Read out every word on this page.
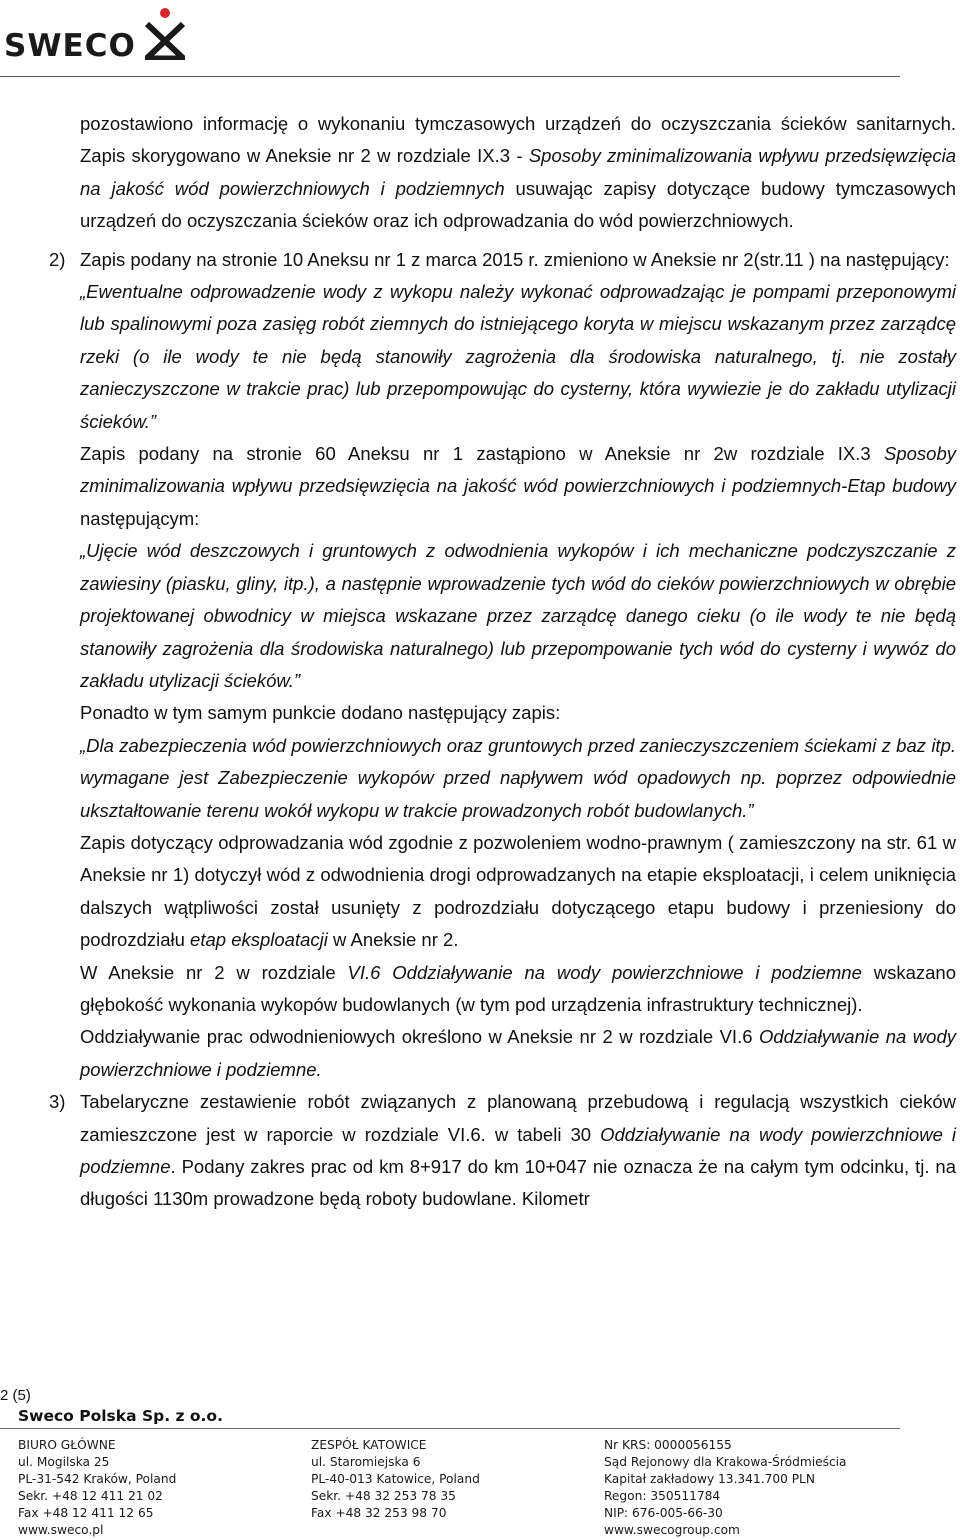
SWECO

pozostawiono informację o wykonaniu tymczasowych urządzeń do oczyszczania ścieków sanitarnych. Zapis skorygowano w Aneksie nr 2 w rozdziale IX.3 - Sposoby zminimalizowania wpływu przedsięwzięcia na jakość wód powierzchniowych i podziemnych usuwając zapisy dotyczące budowy tymczasowych urządzeń do oczyszczania ścieków oraz ich odprowadzania do wód powierzchniowych.

2) Zapis podany na stronie 10 Aneksu nr 1 z marca 2015 r. zmieniono w Aneksie nr 2(str.11 ) na następujący:

„Ewentualne odprowadzenie wody z wykopu należy wykonać odprowadzając je pompami przeponowymi lub spalinowymi poza zasięg robót ziemnych do istniejącego koryta w miejscu wskazanym przez zarządcę rzeki (o ile wody te nie będą stanowiły zagrożenia dla środowiska naturalnego, tj. nie zostały zanieczyszczone w trakcie prac) lub przepompowując do cysterny, która wywiezie je do zakładu utylizacji ścieków.”

Zapis podany na stronie 60 Aneksu nr 1 zastąpiono w Aneksie nr 2w rozdziale IX.3 Sposoby zminimalizowania wpływu przedsięwzięcia na jakość wód powierzchniowych i podziemnych-Etap budowy następującym:

„Ujęcie wód deszczowych i gruntowych z odwodnienia wykopów i ich mechaniczne podczyszczanie z zawiesiny (piasku, gliny, itp.), a następnie wprowadzenie tych wód do cieków powierzchniowych w obrębie projektowanej obwodnicy w miejsca wskazane przez zarządcę danego cieku (o ile wody te nie będą stanowiły zagrożenia dla środowiska naturalnego) lub przepompowanie tych wód do cysterny i wywóz do zakładu utylizacji ścieków.”

Ponadto w tym samym punkcie dodano następujący zapis:

„Dla zabezpieczenia wód powierzchniowych oraz gruntowych przed zanieczyszczeniem ściekami z baz itp. wymagane jest Zabezpieczenie wykopów przed napływem wód opadowych np. poprzez odpowiednie ukształtowanie terenu wokół wykopu w trakcie prowadzonych robót budowlanych.”

Zapis dotyczący odprowadzania wód zgodnie z pozwoleniem wodno-prawnym ( zamieszczony na str. 61 w Aneksie nr 1) dotyczył wód z odwodnienia drogi odprowadzanych na etapie eksploatacji, i celem uniknięcia dalszych wątpliwości został usunięty z podrozdziału dotyczącego etapu budowy i przeniesiony do podrozdziału etap eksploatacji w Aneksie nr 2.

W Aneksie nr 2 w rozdziale VI.6 Oddziaływanie na wody powierzchniowe i podziemne wskazano głębokość wykonania wykopów budowlanych (w tym pod urządzenia infrastruktury technicznej).

Oddziaływanie prac odwodnieniowych określono w Aneksie nr 2 w rozdziale VI.6 Oddziaływanie na wody powierzchniowe i podziemne.

3) Tabelaryczne zestawienie robót związanych z planowaną przebudową i regulacją wszystkich cieków zamieszczone jest w raporcie w rozdziale VI.6. w tabeli 30 Oddziaływanie na wody powierzchniowe i podziemne. Podany zakres prac od km 8+917 do km 10+047 nie oznacza że na całym tym odcinku, tj. na długości 1130m prowadzone będą roboty budowlane. Kilometr

2 (5)
Sweco Polska Sp. z o.o.
BIURO GŁÓWNE
ul. Mogilska 25
PL-31-542 Kraków, Poland
Sekr. +48 12 411 21 02
Fax +48 12 411 12 65
www.sweco.pl
ZESPÓŁ KATOWICE
ul. Staromiejska 6
PL-40-013 Katowice, Poland
Sekr. +48 32 253 78 35
Fax +48 32 253 98 70
Nr KRS: 0000056155
Sąd Rejonowy dla Krakowa-Śródmieścia
Kapitał zakładowy 13.341.700 PLN
Regon: 350511784
NIP: 676-005-66-30
www.swecogroup.com
